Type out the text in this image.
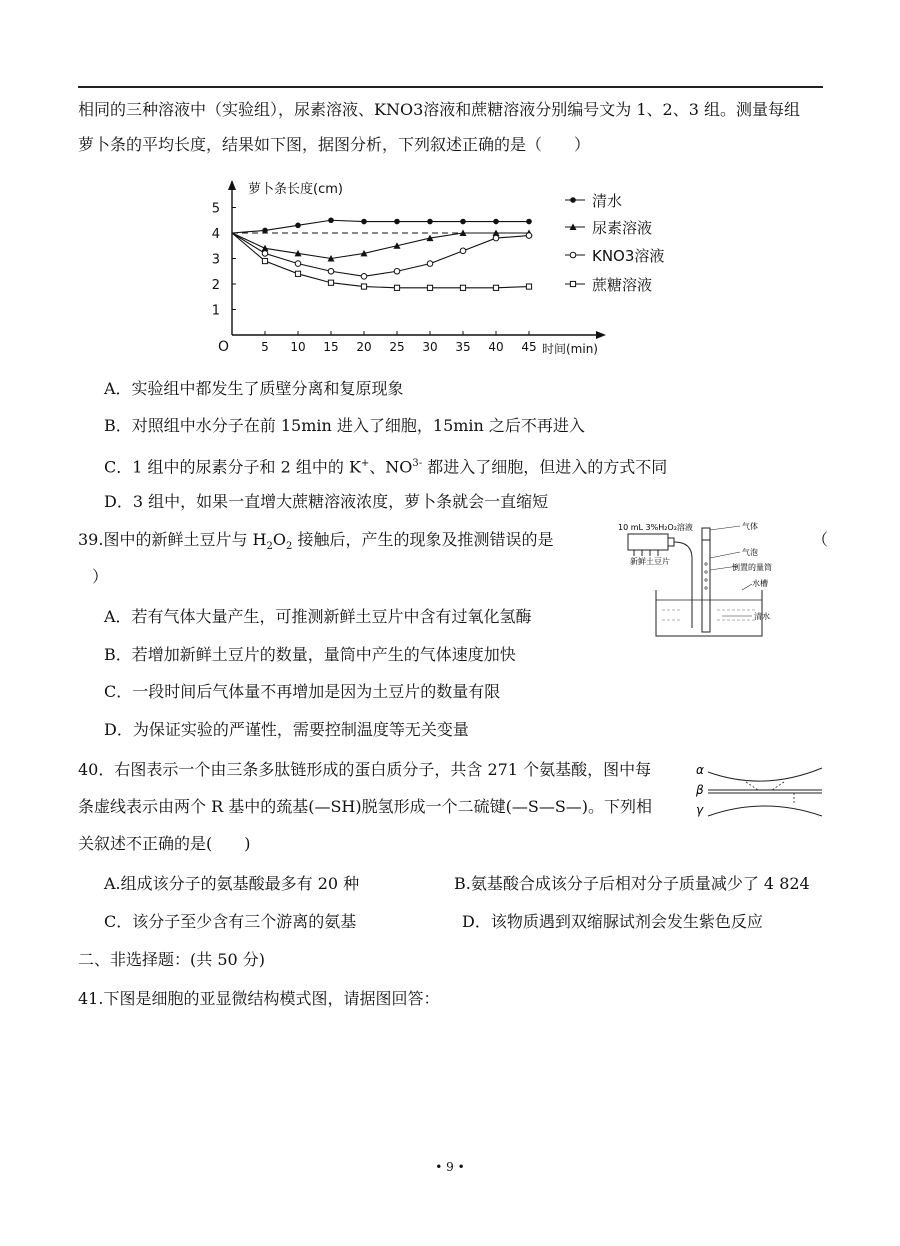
相同的三种溶液中（实验组），尿素溶液、KNO3溶液和蔗糖溶液分别编号文为 1、2、3 组。测量每组
萝卜条的平均长度，结果如下图，据图分析，下列叙述正确的是（　　）
O
萝卜条长度(cm)
时间(min)
5 10 15 20 25 30 35 40 45
1
2
3
4
5	清水
尿素溶液
KNO3溶液
蔗糖溶液
A．实验组中都发生了质壁分离和复原现象
B．对照组中水分子在前 15min 进入了细胞，15min 之后不再进入
C．1 组中的尿素分子和 2 组中的 K+、$NO^{3-}$ 都进入了细胞，但进入的方式不同
D．3 组中，如果一直增大蔗糖溶液浓度，萝卜条就会一直缩短
39.图中的新鲜土豆片与 $H_2O_2$ 接触后，产生的现象及推测错误的是	（
）
10 mL 3%H₂O₂溶液
新鲜土豆片
气体
气泡
倒置的量筒
水槽
清水
A．若有气体大量产生，可推测新鲜土豆片中含有过氧化氢酶
B．若增加新鲜土豆片的数量，量筒中产生的气体速度加快
C．一段时间后气体量不再增加是因为土豆片的数量有限
D．为保证实验的严谨性，需要控制温度等无关变量
40．右图表示一个由三条多肽链形成的蛋白质分子，共含 271 个氨基酸，图中每
条虚线表示由两个 R 基中的巯基(—SH)脱氢形成一个二硫键(—S—S—)。下列相
关叙述不正确的是(　　)
α
β
γ
A.组成该分子的氨基酸最多有 20 种	B.氨基酸合成该分子后相对分子质量减少了 4 824
C．该分子至少含有三个游离的氨基	D．该物质遇到双缩脲试剂会发生紫色反应
二、非选择题：(共 50 分)
41.下图是细胞的亚显微结构模式图，请据图回答：
• 9 •
